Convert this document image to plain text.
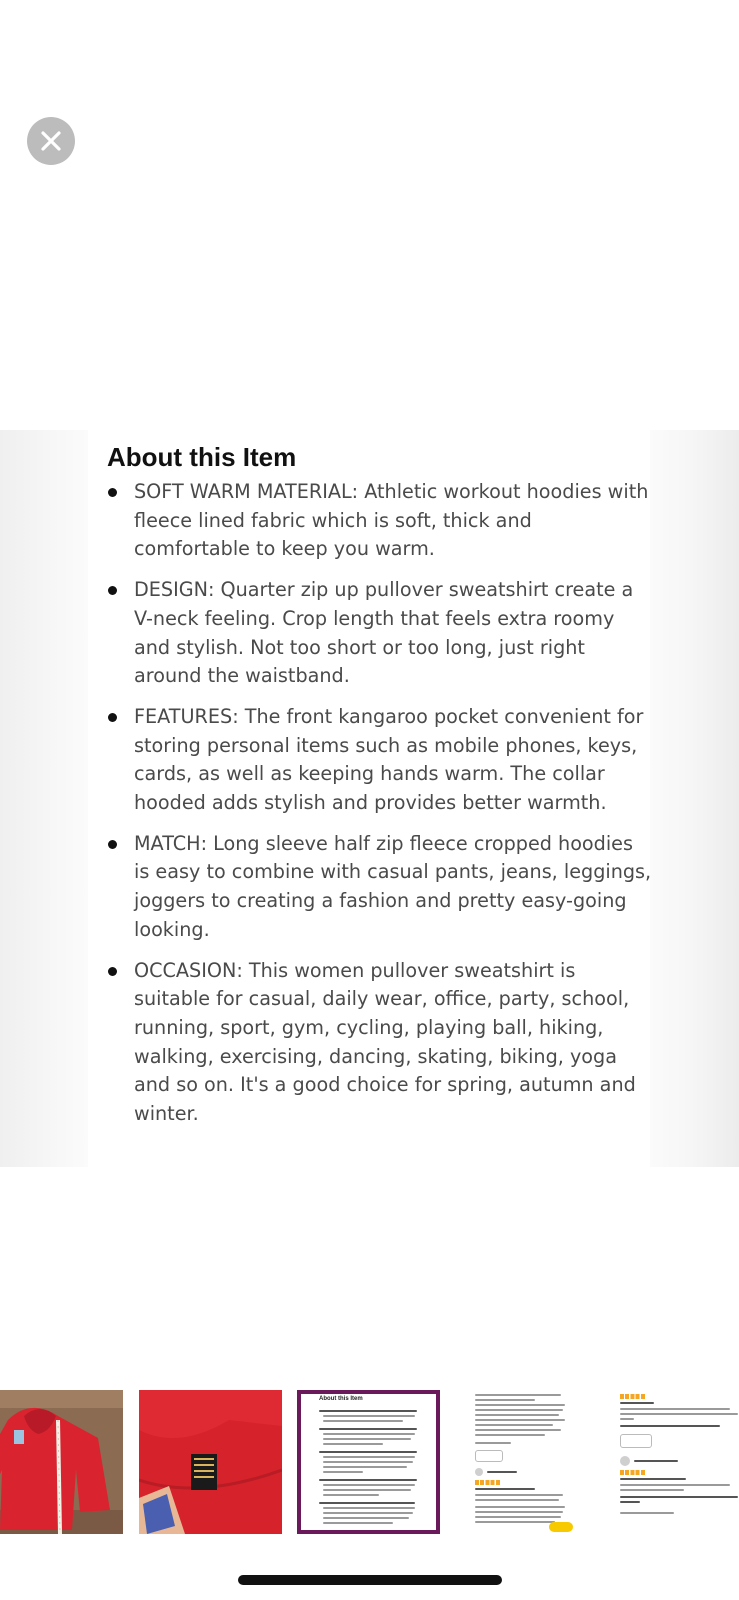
About this Item
SOFT WARM MATERIAL: Athletic workout hoodies with fleece lined fabric which is soft, thick and comfortable to keep you warm.
DESIGN: Quarter zip up pullover sweatshirt create a V-neck feeling. Crop length that feels extra roomy and stylish. Not too short or too long, just right around the waistband.
FEATURES: The front kangaroo pocket convenient for storing personal items such as mobile phones, keys, cards, as well as keeping hands warm. The collar hooded adds stylish and provides better warmth.
MATCH: Long sleeve half zip fleece cropped hoodies is easy to combine with casual pants, jeans, leggings, joggers to creating a fashion and pretty easy-going looking.
OCCASION: This women pullover sweatshirt is suitable for casual, daily wear, office, party, school, running, sport, gym, cycling, playing ball, hiking, walking, exercising, dancing, skating, biking, yoga and so on. It's a good choice for spring, autumn and winter.
About this Item
